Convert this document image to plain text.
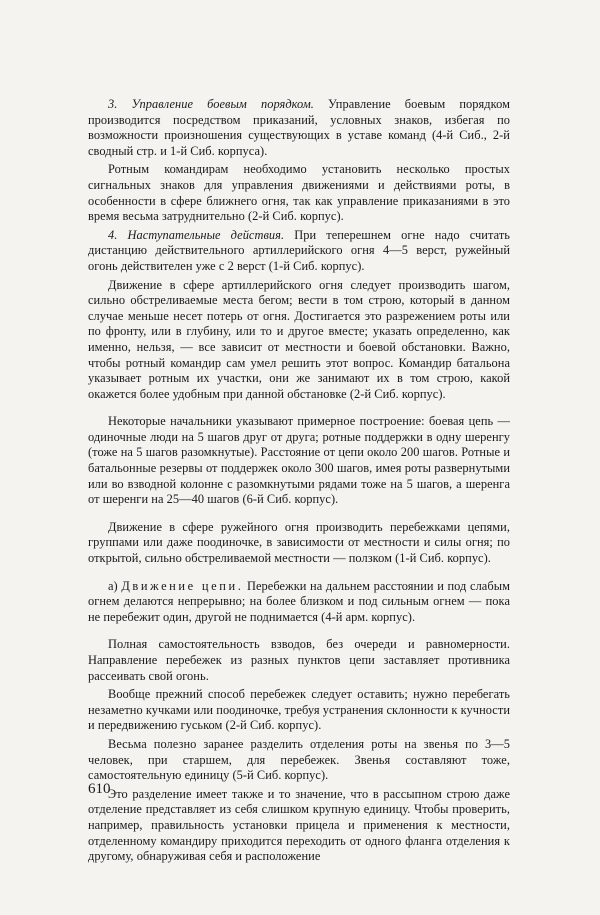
3. Управление боевым порядком. Управление боевым порядком производится посредством приказаний, условных знаков, избегая по возможности произношения существующих в уставе команд (4-й Сиб., 2-й сводный стр. и 1-й Сиб. корпуса).

Ротным командирам необходимо установить несколько простых сигнальных знаков для управления движениями и действиями роты, в особенности в сфере ближнего огня, так как управление приказаниями в это время весьма затруднительно (2-й Сиб. корпус).

4. Наступательные действия. При теперешнем огне надо считать дистанцию действительного артиллерийского огня 4—5 верст, ружейный огонь действителен уже с 2 верст (1-й Сиб. корпус).

Движение в сфере артиллерийского огня следует производить шагом, сильно обстреливаемые места бегом; вести в том строю, который в данном случае меньше несет потерь от огня. Достигается это разрежением роты или по фронту, или в глубину, или то и другое вместе; указать определенно, как именно, нельзя, — все зависит от местности и боевой обстановки. Важно, чтобы ротный командир сам умел решить этот вопрос. Командир батальона указывает ротным их участки, они же занимают их в том строю, какой окажется более удобным при данной обстановке (2-й Сиб. корпус).

Некоторые начальники указывают примерное построение: боевая цепь — одиночные люди на 5 шагов друг от друга; ротные поддержки в одну шеренгу (тоже на 5 шагов разомкнутые). Расстояние от цепи около 200 шагов. Ротные и батальонные резервы от поддержек около 300 шагов, имея роты развернутыми или во взводной колонне с разомкнутыми рядами тоже на 5 шагов, а шеренга от шеренги на 25—40 шагов (6-й Сиб. корпус).

Движение в сфере ружейного огня производить перебежками цепями, группами или даже поодиночке, в зависимости от местности и силы огня; по открытой, сильно обстреливаемой местности — ползком (1-й Сиб. корпус).

а) Движение цепи. Перебежки на дальнем расстоянии и под слабым огнем делаются непрерывно; на более близком и под сильным огнем — пока не перебежит один, другой не поднимается (4-й арм. корпус).

Полная самостоятельность взводов, без очереди и равномерности. Направление перебежек из разных пунктов цепи заставляет противника рассеивать свой огонь.

Вообще прежний способ перебежек следует оставить; нужно перебегать незаметно кучками или поодиночке, требуя устранения склонности к кучности и передвижению гуськом (2-й Сиб. корпус).

Весьма полезно заранее разделить отделения роты на звенья по 3—5 человек, при старшем, для перебежек. Звенья составляют тоже, самостоятельную единицу (5-й Сиб. корпус).

Это разделение имеет также и то значение, что в рассыпном строю даже отделение представляет из себя слишком крупную единицу. Чтобы проверить, например, правильность установки прицела и применения к местности, отделенному командиру приходится переходить от одного фланга отделения к другому, обнаруживая себя и расположение

610
